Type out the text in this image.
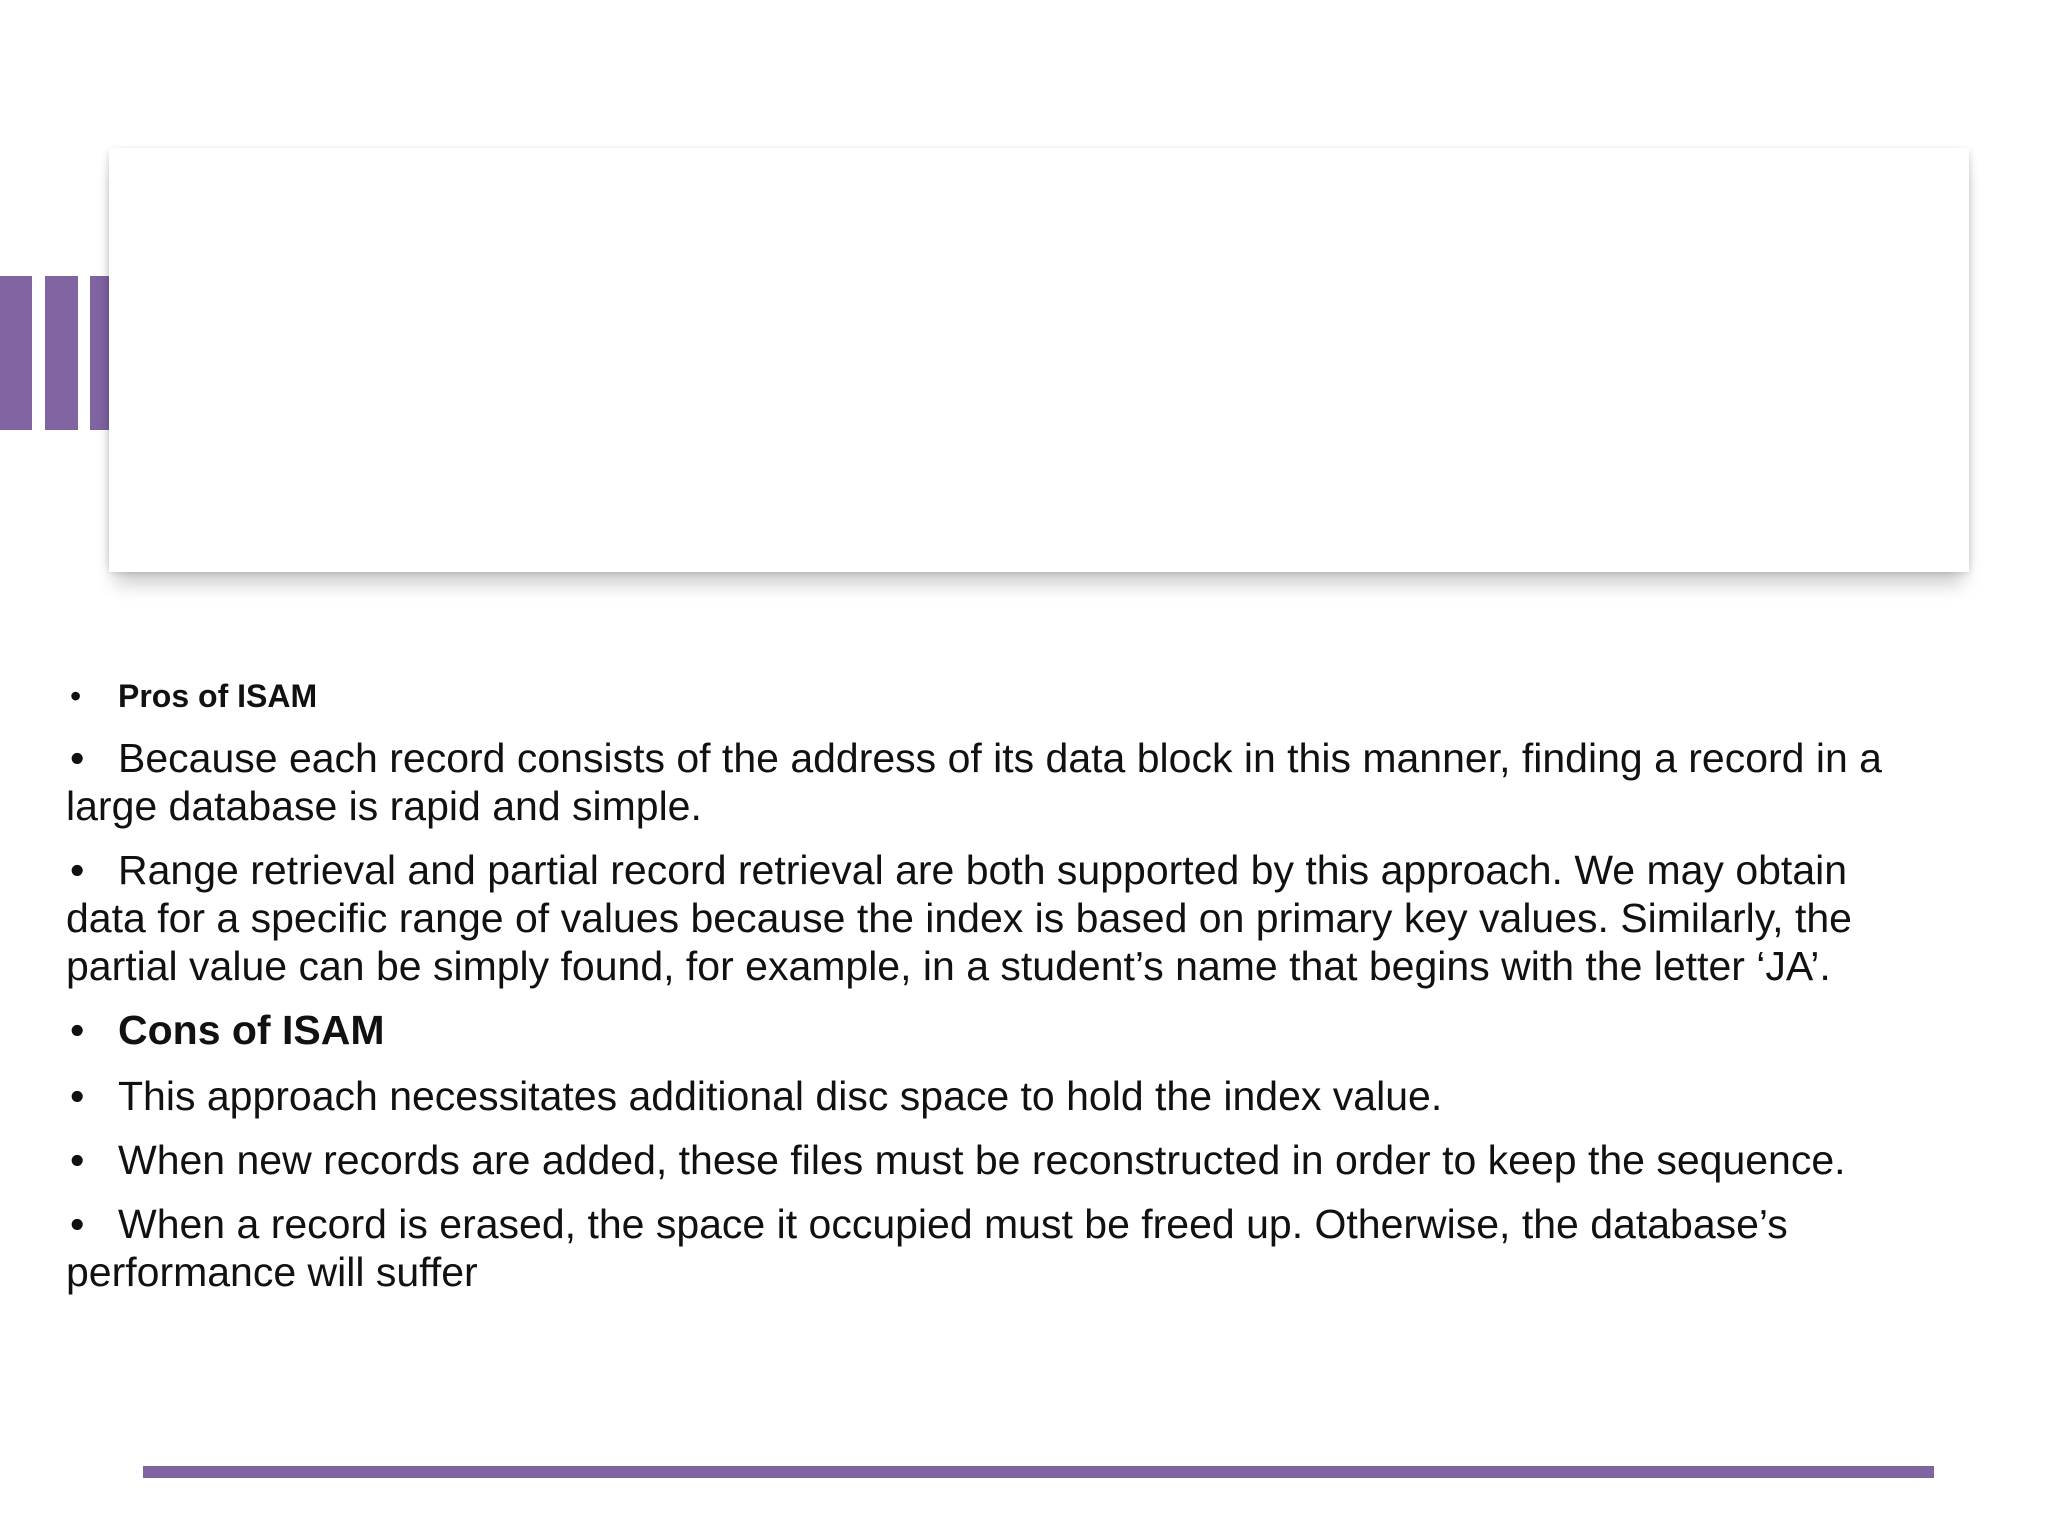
• Pros of ISAM

• Because each record consists of the address of its data block in this manner, finding a record in a large database is rapid and simple.

• Range retrieval and partial record retrieval are both supported by this approach. We may obtain data for a specific range of values because the index is based on primary key values. Similarly, the partial value can be simply found, for example, in a student’s name that begins with the letter ‘JA’.

• Cons of ISAM

• This approach necessitates additional disc space to hold the index value.

• When new records are added, these files must be reconstructed in order to keep the sequence.

• When a record is erased, the space it occupied must be freed up. Otherwise, the database’s performance will suffer
